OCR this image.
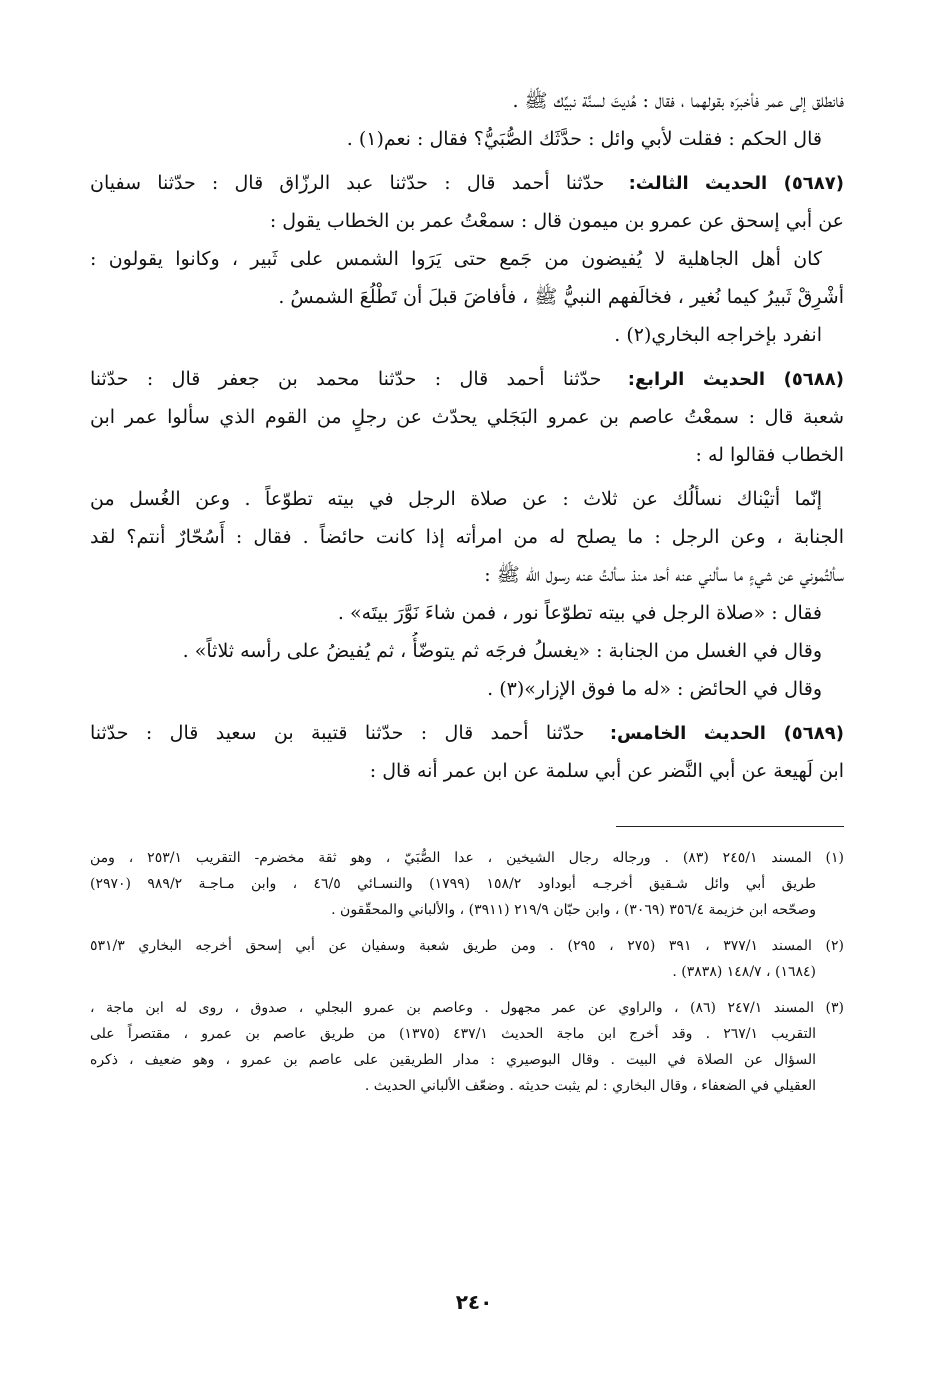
فانطلق إلى عمر فأخبرَه بقولهما ، فقال : هُديتَ لسنَّة نبيِّك ﷺ .
قال الحكم : فقلت لأبي وائل : حدَّثَك الصُّبَيُّ؟ فقال : نعم(١) .
(٥٦٨٧) الحديث الثالث: حدّثنا أحمد قال : حدّثنا عبد الرزّاق قال : حدّثنا سفيان
عن أبي إسحق عن عمرو بن ميمون قال : سمعْتُ عمر بن الخطاب يقول :
كان أهل الجاهلية لا يُفيضون من جَمع حتى يَرَوا الشمس على ثَبير ، وكانوا يقولون :
أشْرِقْ ثَبيرُ كيما نُغير ، فخالَفهم النبيُّ ﷺ ، فأفاضَ قبلَ أن تَطْلُعَ الشمسُ .
انفرد بإخراجه البخاري(٢) .
(٥٦٨٨) الحديث الرابع: حدّثنا أحمد قال : حدّثنا محمد بن جعفر قال : حدّثنا
شعبة قال : سمعْتُ عاصم بن عمرو البَجَلي يحدّث عن رجلٍ من القوم الذي سألوا عمر ابن
الخطاب فقالوا له :
إنّما أتيْناك نسألُك عن ثلاث : عن صلاة الرجل في بيته تطوّعاً . وعن الغُسل من
الجنابة ، وعن الرجل : ما يصلح له من امرأته إذا كانت حائضاً . فقال : أَسُحّارٌ أنتم؟ لقد
سألتُموني عن شيءٍ ما سألني عنه أحد منذ سألتُ عنه رسول الله ﷺ :
فقال : «صلاة الرجل في بيته تطوّعاً نور ، فمن شاءَ نَوَّرَ بيتَه» .
وقال في الغسل من الجنابة : «يغسلُ فرجَه ثم يتوضّأُ ، ثم يُفيضُ على رأسه ثلاثاً» .
وقال في الحائض : «له ما فوق الإزار»(٣) .
(٥٦٨٩) الحديث الخامس: حدّثنا أحمد قال : حدّثنا قتيبة بن سعيد قال : حدّثنا
ابن لَهيعة عن أبي النَّضر عن أبي سلمة عن ابن عمر أنه قال :
(١) المسند ٢٤٥/١ (٨٣) . ورجاله رجال الشيخين ، عدا الصُّبَيّ ، وهو ثقة مخضرم- التقريب ٢٥٣/١ ، ومن
طريق أبي وائل شـقيق أخرجـه أبوداود ١٥٨/٢ (١٧٩٩) والنسـائي ٤٦/٥ ، وابن مـاجـة ٩٨٩/٢ (٢٩٧٠)
وصحّحه ابن خزيمة ٣٥٦/٤ (٣٠٦٩) ، وابن حبّان ٢١٩/٩ (٣٩١١) ، والألباني والمحقّقون .
(٢) المسند ٣٧٧/١ ، ٣٩١ (٢٧٥ ، ٢٩٥) . ومن طريق شعبة وسفيان عن أبي إسحق أخرجه البخاري ٥٣١/٣
(١٦٨٤) ، ١٤٨/٧ (٣٨٣٨) .
(٣) المسند ٢٤٧/١ (٨٦) ، والراوي عن عمر مجهول . وعاصم بن عمرو البجلي ، صدوق ، روى له ابن ماجة ،
التقريب ٢٦٧/١ . وقد أخرج ابن ماجة الحديث ٤٣٧/١ (١٣٧٥) من طريق عاصم بن عمرو ، مقتصراً على
السؤال عن الصلاة في البيت . وقال البوصيري : مدار الطريقين على عاصم بن عمرو ، وهو ضعيف ، ذكره
العقيلي في الضعفاء ، وقال البخاري : لم يثبت حديثه . وضعّف الألباني الحديث .
٢٤٠
